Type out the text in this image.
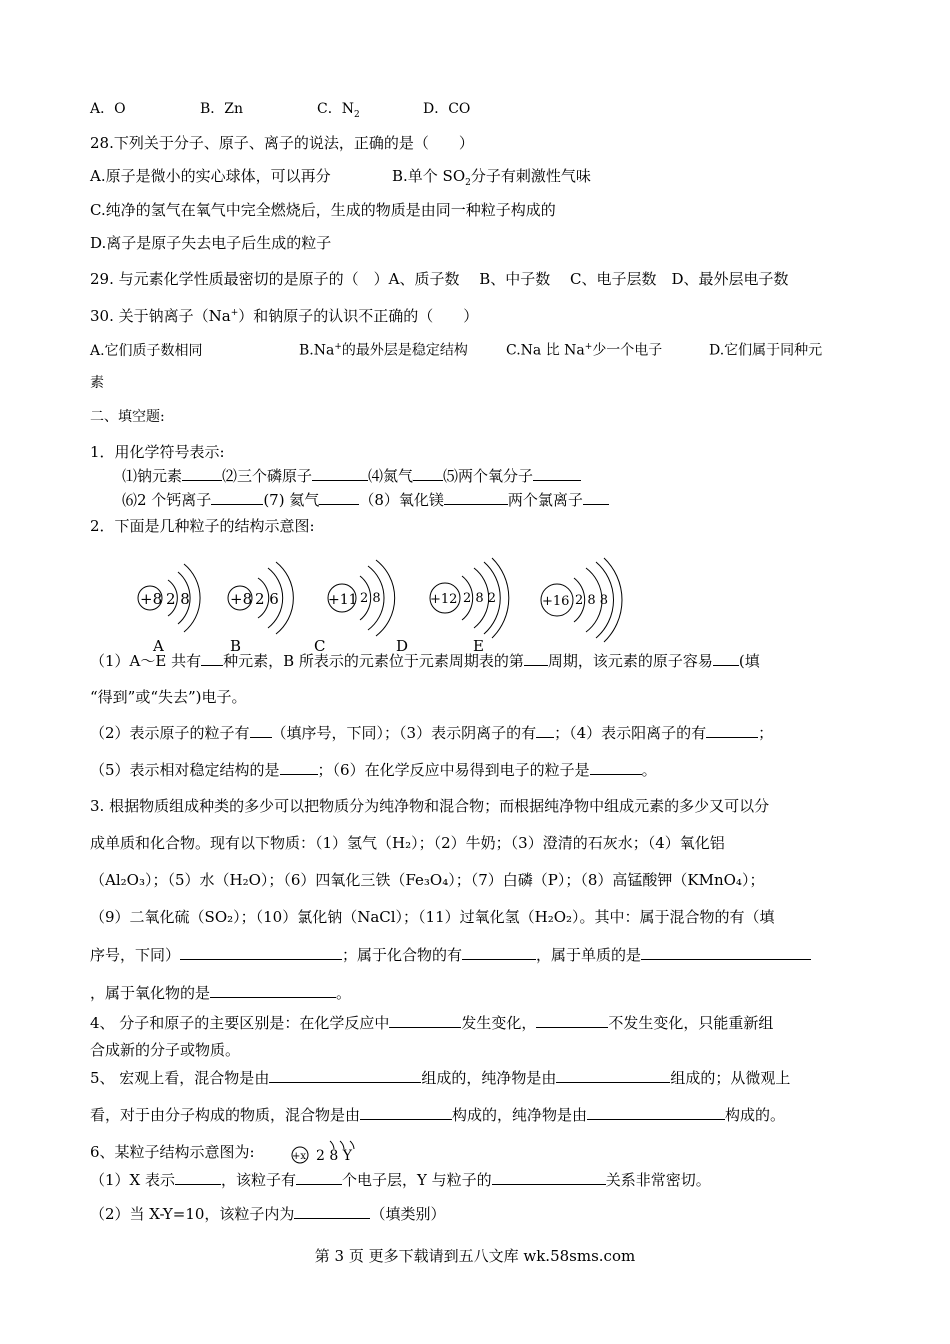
A．O	B．Zn	C．$N_2$	D．CO
28.下列关于分子、原子、离子的说法，正确的是（　　）
A.原子是微小的实心球体，可以再分	B.单个 $SO_2$分子有刺激性气味
C.纯净的氢气在氧气中完全燃烧后，生成的物质是由同一种粒子构成的
D.离子是原子失去电子后生成的粒子
29. 与元素化学性质最密切的是原子的（　）A、质子数　 B、中子数　 C、电子层数　D、最外层电子数
30. 关于钠离子（Na+）和钠原子的认识不正确的（　　）
A.它们质子数相同	B.Na+的最外层是稳定结构	C.Na 比 Na+少一个电子	D.它们属于同种元
素
二、填空题:
1．用化学符号表示:
⑴钠元素	⑵三个磷原子	⑷氮气 ⑸两个氧分子
⑹2 个钙离子	(7) 氦气	（8）氧化镁	两个氯离子
2．下面是几种粒子的结构示意图:
+8 2 8
A
+8 2 6
B
+11 2 8
C
+12 2 8 2
D
+16 2 8 8
E
（1）A～E 共有 种元素，B 所表示的元素位于元素周期表的第 周期，该元素的原子容易 (填
“得到”或“失去”)电子。
（2）表示原子的粒子有 （填序号，下同）；（3）表示阴离子的有 ；（4）表示阳离子的有	；
（5）表示相对稳定结构的是	；（6）在化学反应中易得到电子的粒子是	。
3. 根据物质组成种类的多少可以把物质分为纯净物和混合物；而根据纯净物中组成元素的多少又可以分
成单质和化合物。现有以下物质：（1）氢气（H₂）；（2）牛奶；（3）澄清的石灰水；（4）氧化铝
（Al₂O₃）；（5）水（H₂O）；（6）四氧化三铁（Fe₃O₄）；（7）白磷（P）；（8）高锰酸钾（KMnO₄）；
（9）二氧化硫（SO₂）；（10）氯化钠（NaCl）；（11）过氧化氢（H₂O₂）。其中：属于混合物的有（填
序号，下同）	；属于化合物的有	，属于单质的是
，属于氧化物的是	。
4、 分子和原子的主要区别是：在化学反应中	发生变化，	不发生变化，只能重新组
合成新的分子或物质。
5、 宏观上看，混合物是由	组成的，纯净物是由	组成的；从微观上
看，对于由分子构成的物质，混合物是由	构成的，纯净物是由	构成的。
6、某粒子结构示意图为:	+x 2 8 Y
（1）X 表示	，该粒子有	个电子层，Y 与粒子的	关系非常密切。
（2）当 X-Y=10，该粒子内为	（填类别）
第 3 页 更多下载请到五八文库 wk.58sms.com
